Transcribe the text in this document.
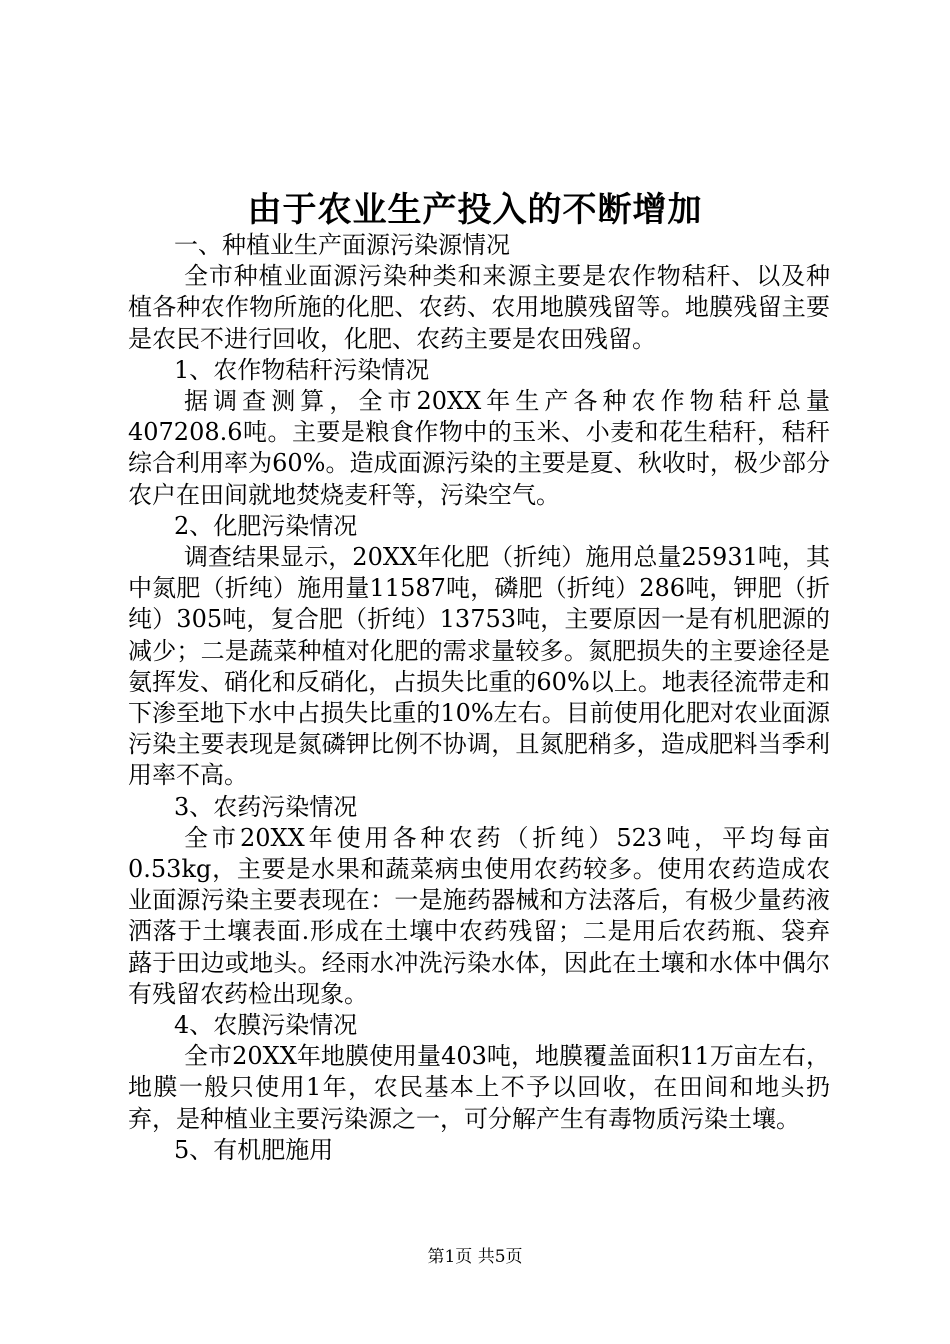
由于农业生产投入的不断增加

一、种植业生产面源污染源情况

全市种植业面源污染种类和来源主要是农作物秸秆、以及种植各种农作物所施的化肥、农药、农用地膜残留等。地膜残留主要是农民不进行回收，化肥、农药主要是农田残留。

1、农作物秸秆污染情况

据调查测算，全市20XX年生产各种农作物秸秆总量407208.6吨。主要是粮食作物中的玉米、小麦和花生秸秆，秸秆综合利用率为60%。造成面源污染的主要是夏、秋收时，极少部分农户在田间就地焚烧麦秆等，污染空气。

2、化肥污染情况

调查结果显示，20XX年化肥（折纯）施用总量25931吨，其中氮肥（折纯）施用量11587吨，磷肥（折纯）286吨，钾肥（折纯）305吨，复合肥（折纯）13753吨，主要原因一是有机肥源的减少；二是蔬菜种植对化肥的需求量较多。氮肥损失的主要途径是氨挥发、硝化和反硝化，占损失比重的60%以上。地表径流带走和下渗至地下水中占损失比重的10%左右。目前使用化肥对农业面源污染主要表现是氮磷钾比例不协调，且氮肥稍多，造成肥料当季利用率不高。

3、农药污染情况

全市20XX年使用各种农药（折纯）523吨，平均每亩0.53kg，主要是水果和蔬菜病虫使用农药较多。使用农药造成农业面源污染主要表现在：一是施药器械和方法落后，有极少量药液洒落于土壤表面.形成在土壤中农药残留；二是用后农药瓶、袋弃蕗于田边或地头。经雨水冲洗污染水体，因此在土壤和水体中偶尔有残留农药检出现象。

4、农膜污染情况

全市20XX年地膜使用量403吨，地膜覆盖面积11万亩左右，地膜一般只使用1年，农民基本上不予以回收，在田间和地头扔弃，是种植业主要污染源之一，可分解产生有毒物质污染土壤。

5、有机肥施用

第1页 共5页
